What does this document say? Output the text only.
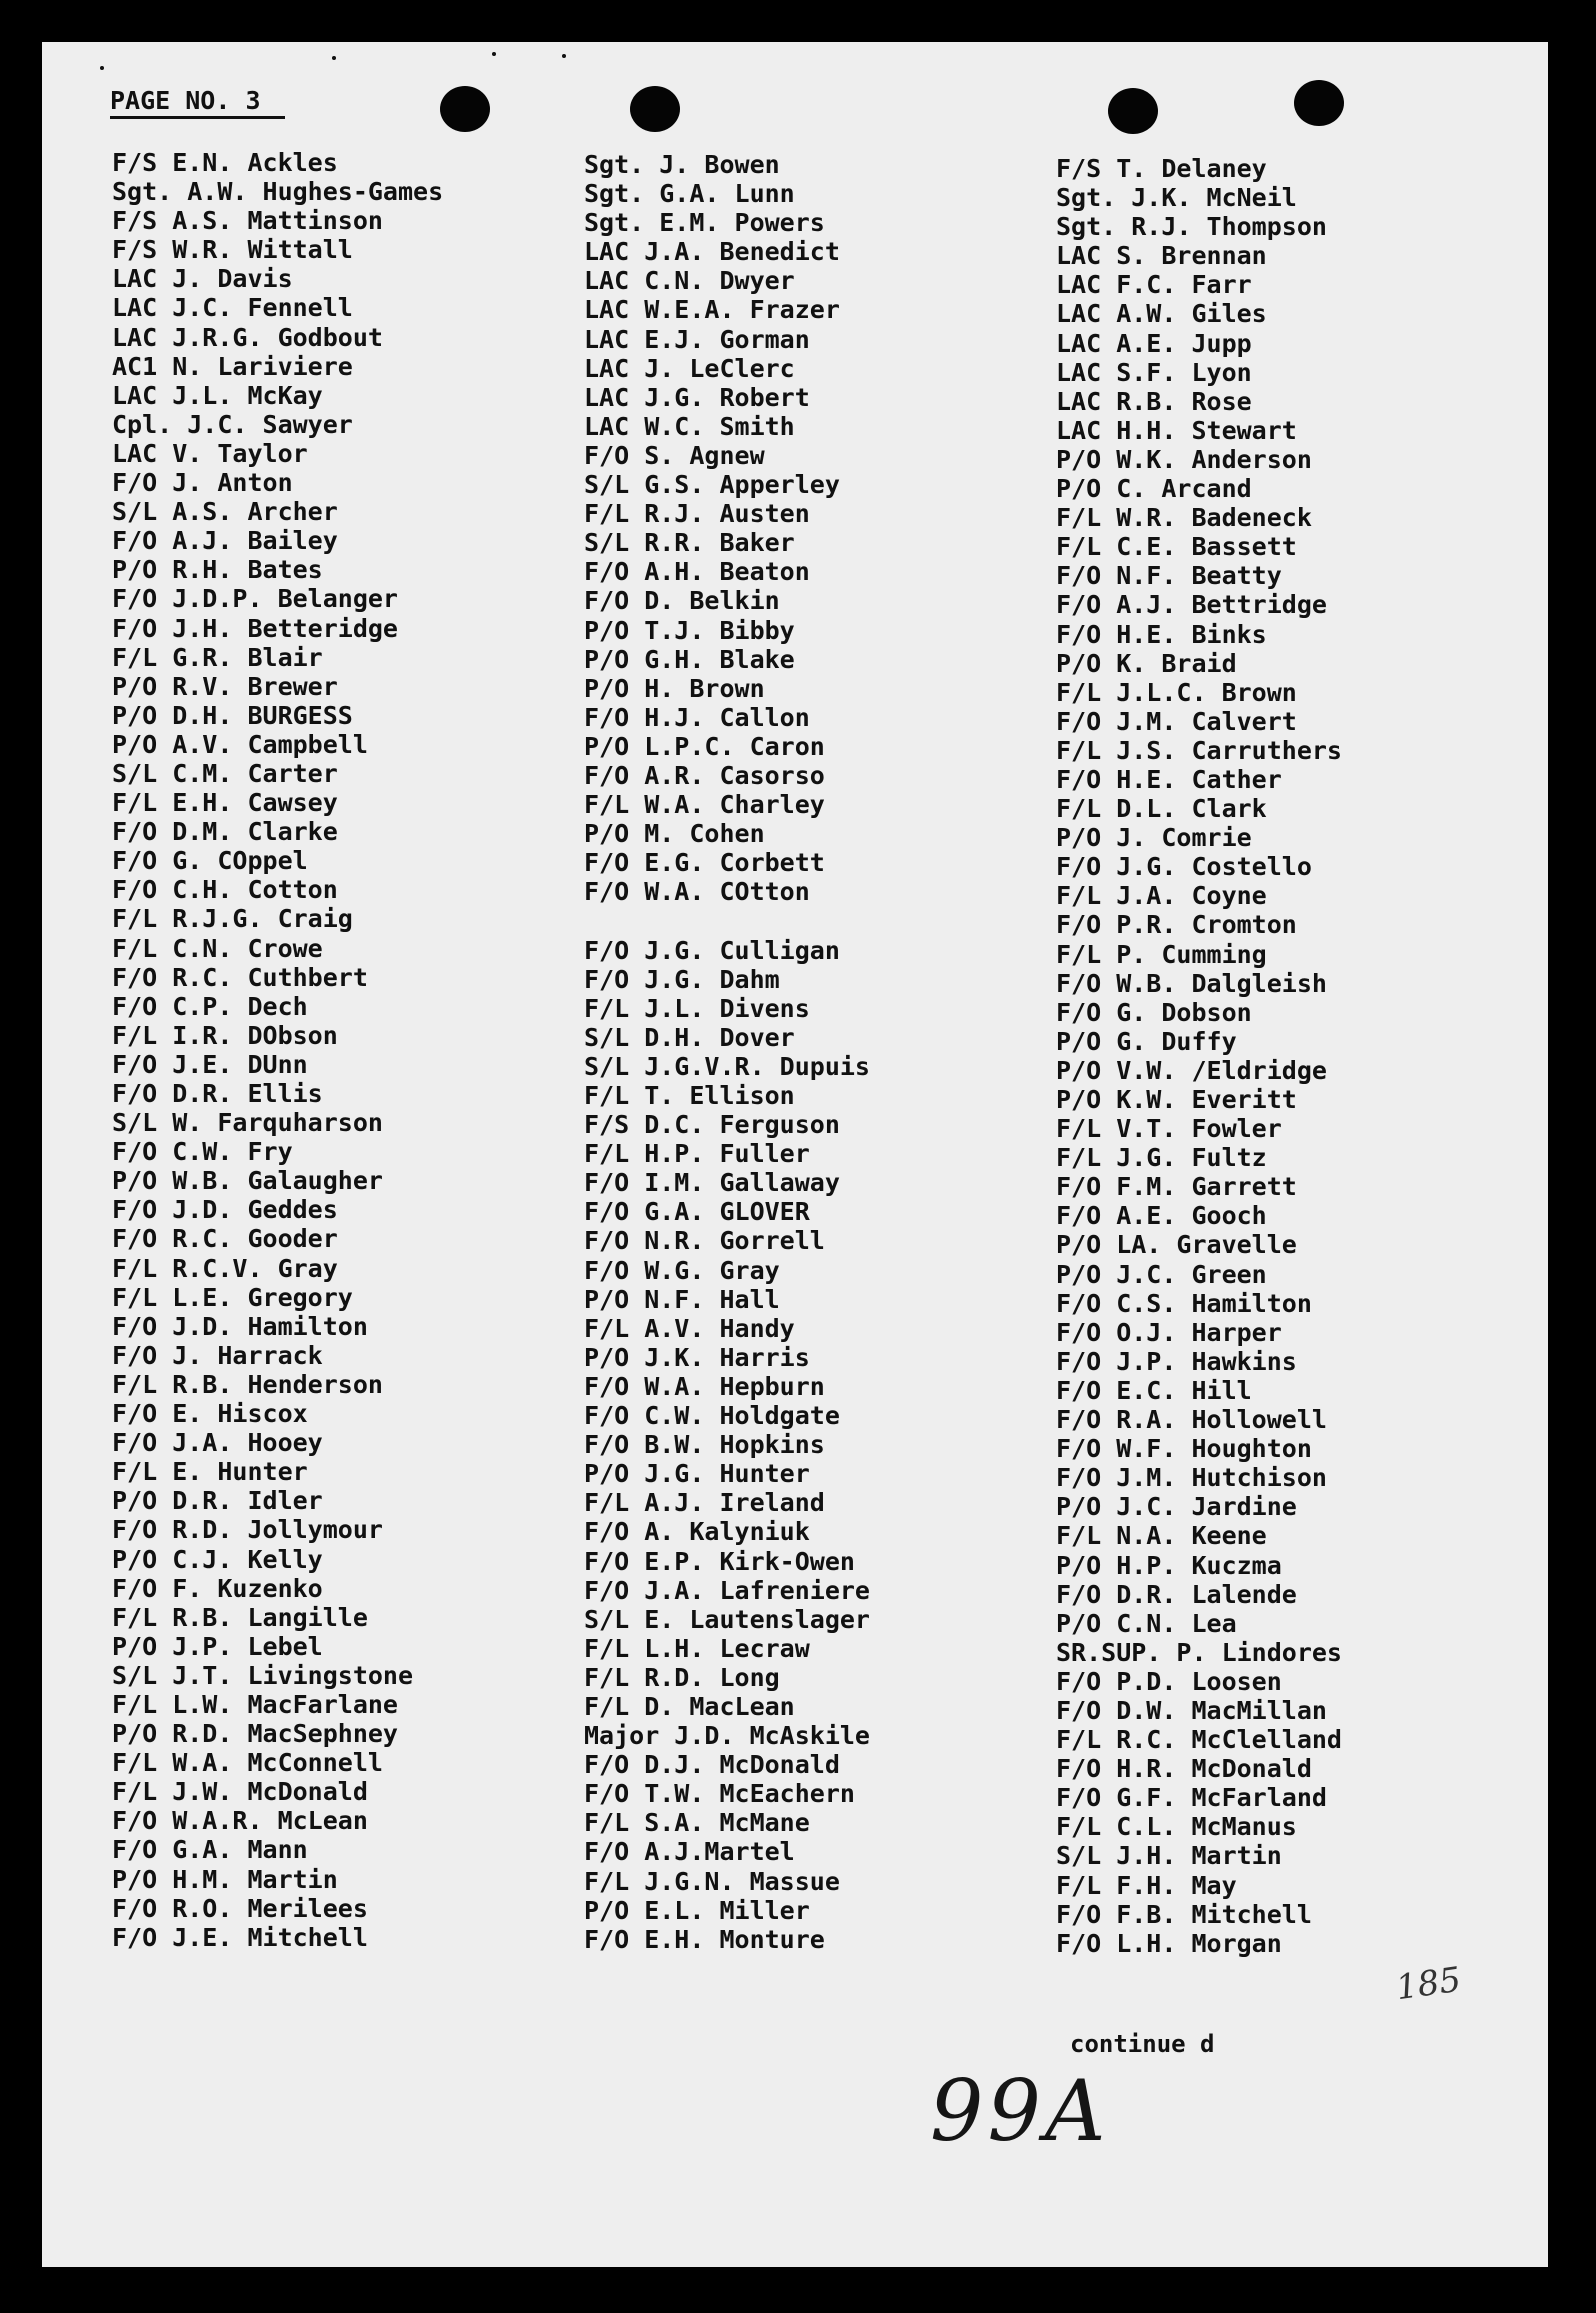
PAGE NO. 3
F/S E.N. Ackles
Sgt. A.W. Hughes-Games
F/S A.S. Mattinson
F/S W.R. Wittall
LAC J. Davis
LAC J.C. Fennell
LAC J.R.G. Godbout
AC1 N. Lariviere
LAC J.L. McKay
Cpl. J.C. Sawyer
LAC V. Taylor
F/O J. Anton
S/L A.S. Archer
F/O A.J. Bailey
P/O R.H. Bates
F/O J.D.P. Belanger
F/O J.H. Betteridge
F/L G.R. Blair
P/O R.V. Brewer
P/O D.H. BURGESS
P/O A.V. Campbell
S/L C.M. Carter
F/L E.H. Cawsey
F/O D.M. Clarke
F/O G. COppel
F/O C.H. Cotton
F/L R.J.G. Craig
F/L C.N. Crowe
F/O R.C. Cuthbert
F/O C.P. Dech
F/L I.R. DObson
F/O J.E. DUnn
F/O D.R. Ellis
S/L W. Farquharson
F/O C.W. Fry
P/O W.B. Galaugher
F/O J.D. Geddes
F/O R.C. Gooder
F/L R.C.V. Gray
F/L L.E. Gregory
F/O J.D. Hamilton
F/O J. Harrack
F/L R.B. Henderson
F/O E. Hiscox
F/O J.A. Hooey
F/L E. Hunter
P/O D.R. Idler
F/O R.D. Jollymour
P/O C.J. Kelly
F/O F. Kuzenko
F/L R.B. Langille
P/O J.P. Lebel
S/L J.T. Livingstone
F/L L.W. MacFarlane
P/O R.D. MacSephney
F/L W.A. McConnell
F/L J.W. McDonald
F/O W.A.R. McLean
F/O G.A. Mann
P/O H.M. Martin
F/O R.O. Merilees
F/O J.E. Mitchell
Sgt. J. Bowen
Sgt. G.A. Lunn
Sgt. E.M. Powers
LAC J.A. Benedict
LAC C.N. Dwyer
LAC W.E.A. Frazer
LAC E.J. Gorman
LAC J. LeClerc
LAC J.G. Robert
LAC W.C. Smith
F/O S. Agnew
S/L G.S. Apperley
F/L R.J. Austen
S/L R.R. Baker
F/O A.H. Beaton
F/O D. Belkin
P/O T.J. Bibby
P/O G.H. Blake
P/O H. Brown
F/O H.J. Callon
P/O L.P.C. Caron
F/O A.R. Casorso
F/L W.A. Charley
P/O M. Cohen
F/O E.G. Corbett
F/O W.A. COtton
F/O J.G. Culligan
F/O J.G. Dahm
F/L J.L. Divens
S/L D.H. Dover
S/L J.G.V.R. Dupuis
F/L T. Ellison
F/S D.C. Ferguson
F/L H.P. Fuller
F/O I.M. Gallaway
F/O G.A. GLOVER
F/O N.R. Gorrell
F/O W.G. Gray
P/O N.F. Hall
F/L A.V. Handy
P/O J.K. Harris
F/O W.A. Hepburn
F/O C.W. Holdgate
F/O B.W. Hopkins
P/O J.G. Hunter
F/L A.J. Ireland
F/O A. Kalyniuk
F/O E.P. Kirk-Owen
F/O J.A. Lafreniere
S/L E. Lautenslager
F/L L.H. Lecraw
F/L R.D. Long
F/L D. MacLean
Major J.D. McAskile
F/O D.J. McDonald
F/O T.W. McEachern
F/L S.A. McMane
F/O A.J.Martel
F/L J.G.N. Massue
P/O E.L. Miller
F/O E.H. Monture
F/S T. Delaney
Sgt. J.K. McNeil
Sgt. R.J. Thompson
LAC S. Brennan
LAC F.C. Farr
LAC A.W. Giles
LAC A.E. Jupp
LAC S.F. Lyon
LAC R.B. Rose
LAC H.H. Stewart
P/O W.K. Anderson
P/O C. Arcand
F/L W.R. Badeneck
F/L C.E. Bassett
F/O N.F. Beatty
F/O A.J. Bettridge
F/O H.E. Binks
P/O K. Braid
F/L J.L.C. Brown
F/O J.M. Calvert
F/L J.S. Carruthers
F/O H.E. Cather
F/L D.L. Clark
P/O J. Comrie
F/O J.G. Costello
F/L J.A. Coyne
F/O P.R. Cromton
F/L P. Cumming
F/O W.B. Dalgleish
F/O G. Dobson
P/O G. Duffy
P/O V.W. /Eldridge
P/O K.W. Everitt
F/L V.T. Fowler
F/L J.G. Fultz
F/O F.M. Garrett
F/O A.E. Gooch
P/O LA. Gravelle
P/O J.C. Green
F/O C.S. Hamilton
F/O O.J. Harper
F/O J.P. Hawkins
F/O E.C. Hill
F/O R.A. Hollowell
F/O W.F. Houghton
F/O J.M. Hutchison
P/O J.C. Jardine
F/L N.A. Keene
P/O H.P. Kuczma
F/O D.R. Lalende
P/O C.N. Lea
SR.SUP. P. Lindores
F/O P.D. Loosen
F/O D.W. MacMillan
F/L R.C. McClelland
F/O H.R. McDonald
F/O G.F. McFarland
F/L C.L. McManus
S/L J.H. Martin
F/L F.H. May
F/O F.B. Mitchell
F/O L.H. Morgan
185
continue d
99A
